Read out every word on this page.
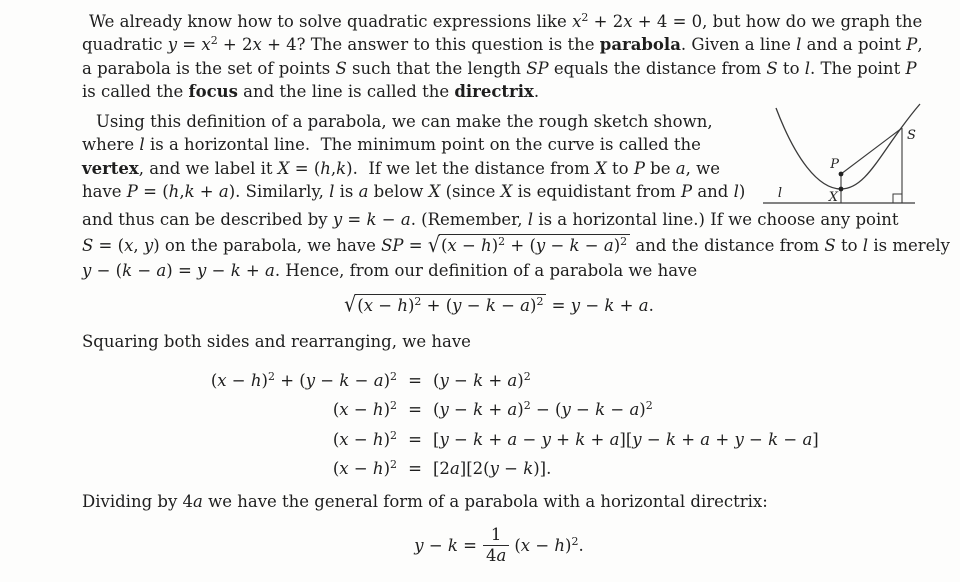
We already know how to solve quadratic expressions like $x^2 + 2x + 4 = 0$, but how do we graph the
quadratic $y = x^2 + 2x + 4$? The answer to this question is the parabola. Given a line l and a point P,
a parabola is the set of points S such that the length SP equals the distance from S to l. The point P
is called the focus and the line is called the directrix.
Using this definition of a parabola, we can make the rough sketch shown,
where l is a horizontal line.  The minimum point on the curve is called the
vertex, and we label it X = (h,k).  If we let the distance from X to P be a, we
have P = (h,k + a). Similarly, l is a below X (since X is equidistant from P and l)	l
P
X
S
and thus can be described by y = k − a. (Remember, l is a horizontal line.) If we choose any point
S = (x, y) on the parabola, we have SP = $√(x - h)^2 + (y - k - a)^2$ and the distance from S to l is merely
y − (k − a) = y − k + a. Hence, from our definition of a parabola we have
$√(x - h)^2 + (y - k - a)^2 = y - k + a$.
Squaring both sides and rearranging, we have
$(x - h)^2 + (y - k - a)^2$	=	$(y - k + a)^2$
$(x - h)^2$	=	$(y - k + a)^2 - (y - k - a)^2$
$(x - h)^2$	=	[y − k + a − y + k + a][y − k + a + y − k − a]
$(x - h)^2$	=	[2a][2(y − k)].
Dividing by 4a we have the general form of a parabola with a horizontal directrix:
$y - k = \frac{1}{4a} (x - h)^2$.
